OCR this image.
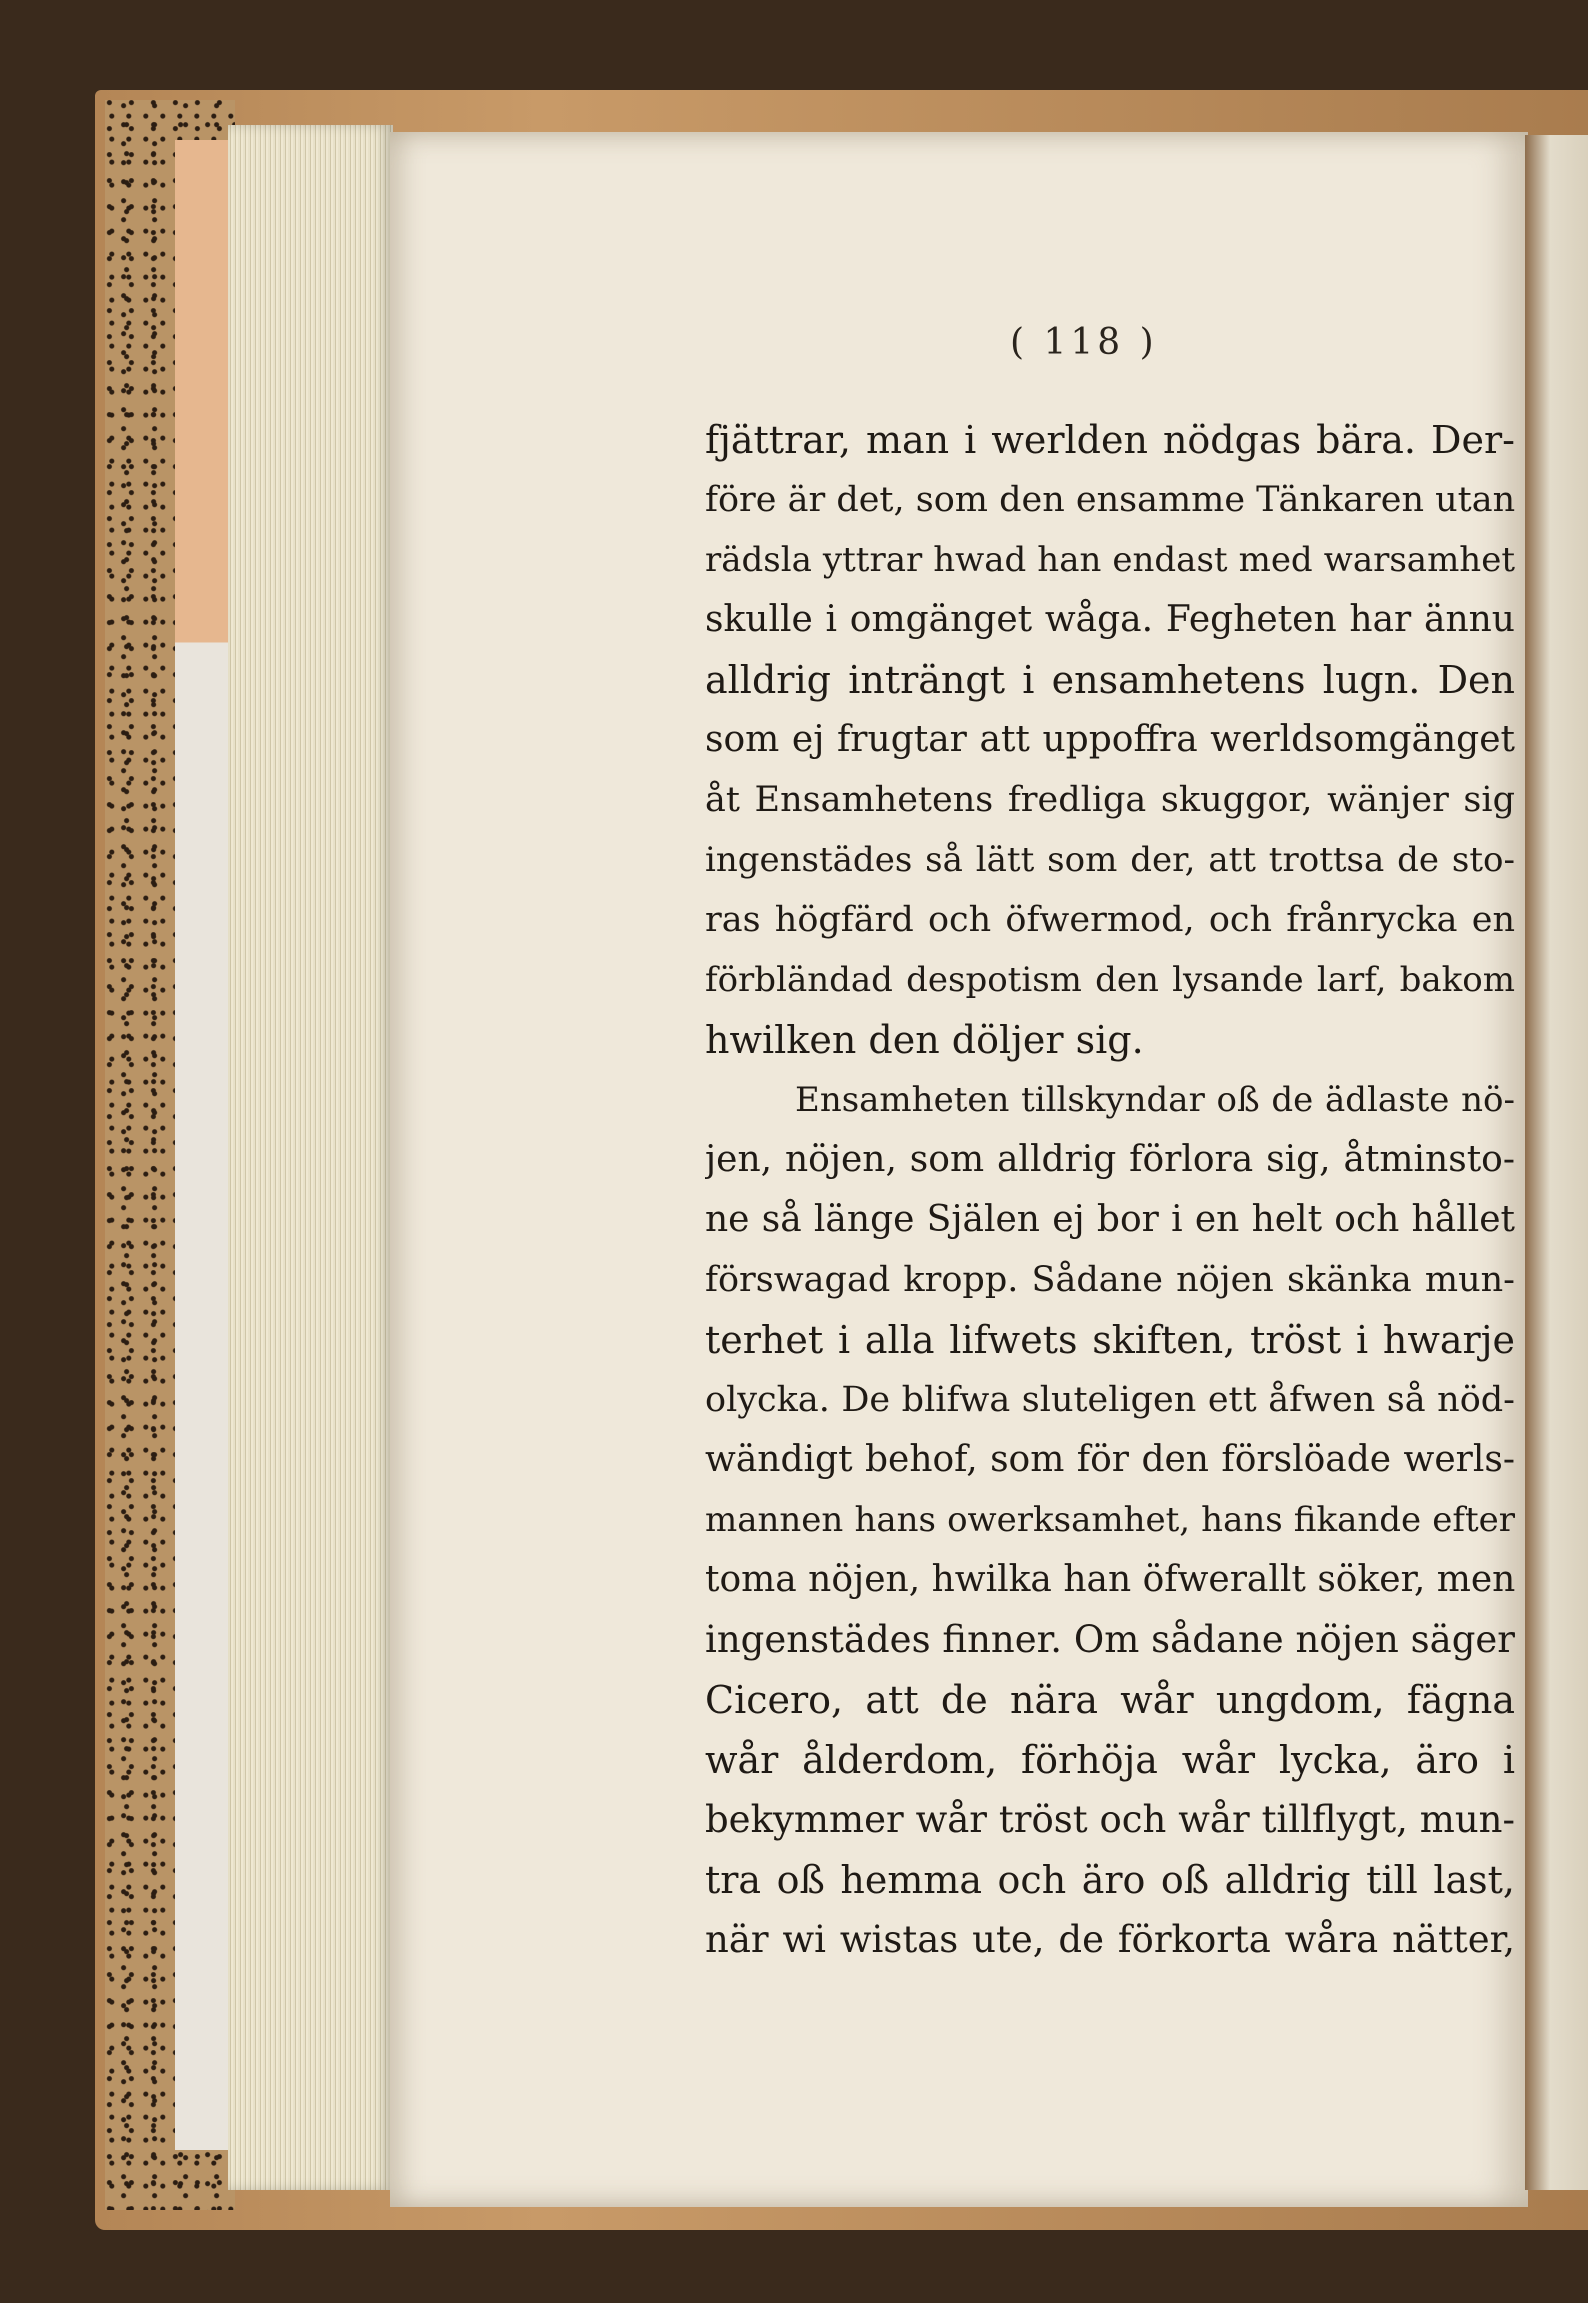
( 118 )
fjättrar, man i werlden nödgas bära. Der-
före är det, som den ensamme Tänkaren utan
rädsla yttrar hwad han endast med warsamhet
skulle i omgänget wåga. Fegheten har ännu
alldrig inträngt i ensamhetens lugn. Den
som ej frugtar att uppoffra werldsomgänget
åt Ensamhetens fredliga skuggor, wänjer sig
ingenstädes så lätt som der, att trottsa de sto-
ras högfärd och öfwermod, och frånrycka en
förbländad despotism den lysande larf, bakom
hwilken den döljer sig.
Ensamheten tillskyndar oß de ädlaste nö-
jen, nöjen, som alldrig förlora sig, åtminsto-
ne så länge Själen ej bor i en helt och hållet
förswagad kropp. Sådane nöjen skänka mun-
terhet i alla lifwets skiften, tröst i hwarje
olycka. De blifwa sluteligen ett åfwen så nöd-
wändigt behof, som för den förslöade werls-
mannen hans owerksamhet, hans fikande efter
toma nöjen, hwilka han öfwerallt söker, men
ingenstädes finner. Om sådane nöjen säger
Cicero, att de nära wår ungdom, fägna
wår ålderdom, förhöja wår lycka, äro i
bekymmer wår tröst och wår tillflygt, mun-
tra oß hemma och äro oß alldrig till last,
när wi wistas ute, de förkorta wåra nätter,
